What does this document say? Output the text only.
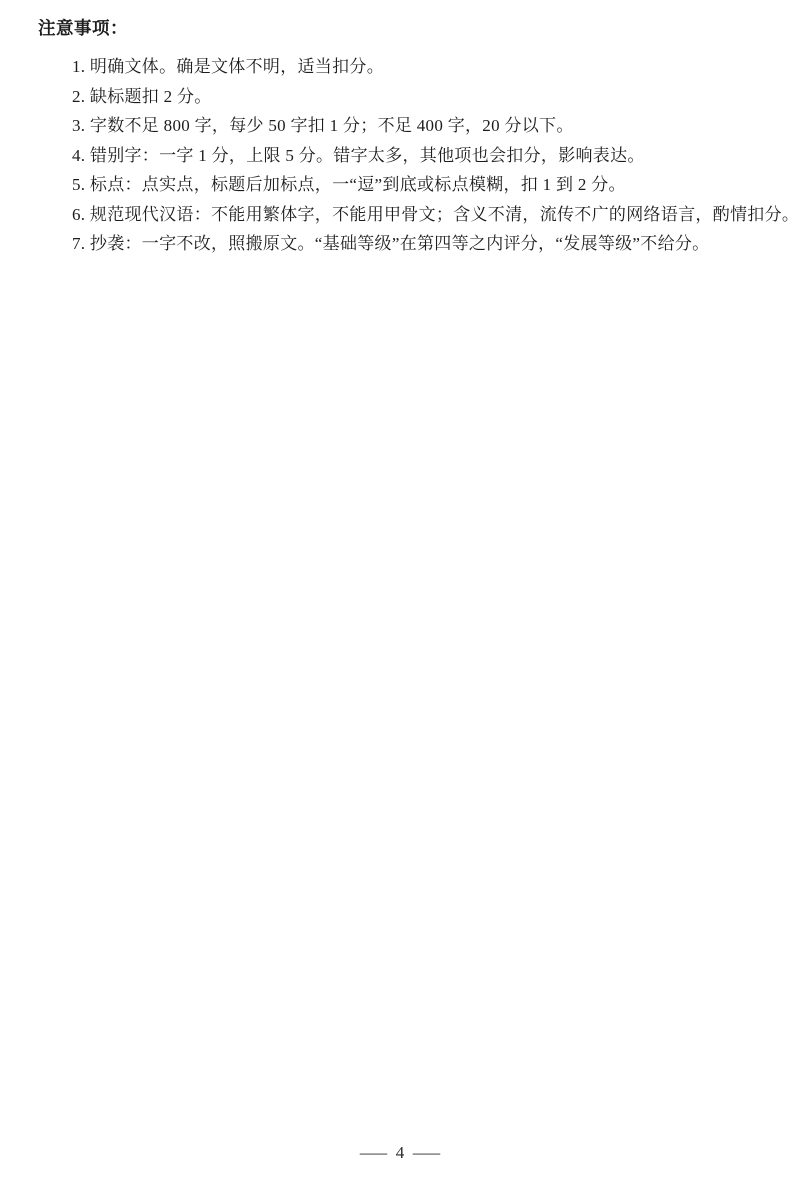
注意事项：
1. 明确文体。确是文体不明，适当扣分。
2. 缺标题扣 2 分。
3. 字数不足 800 字，每少 50 字扣 1 分；不足 400 字，20 分以下。
4. 错别字：一字 1 分，上限 5 分。错字太多，其他项也会扣分，影响表达。
5. 标点：点实点，标题后加标点，一“逗”到底或标点模糊，扣 1 到 2 分。
6. 规范现代汉语：不能用繁体字，不能用甲骨文；含义不清，流传不广的网络语言，酌情扣分。
7. 抄袭：一字不改，照搬原文。“基础等级”在第四等之内评分，“发展等级”不给分。
— 4 —
